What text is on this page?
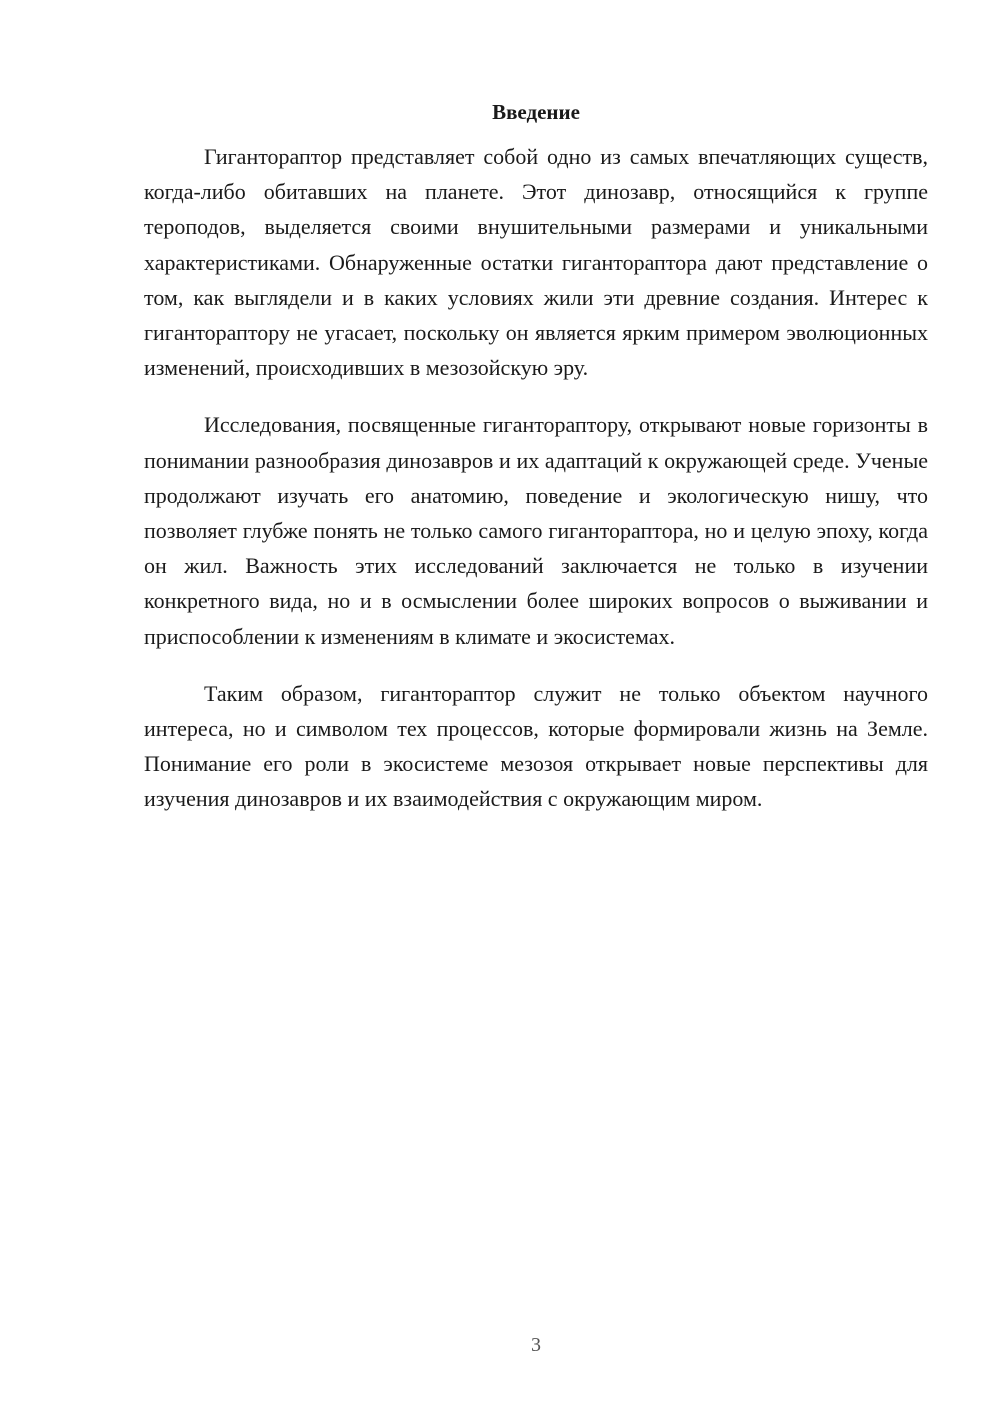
Введение

Гигантораптор представляет собой одно из самых впечатляющих существ, когда-либо обитавших на планете. Этот динозавр, относящийся к группе тероподов, выделяется своими внушительными размерами и уникальными характеристиками. Обнаруженные остатки гигантораптора дают представление о том, как выглядели и в каких условиях жили эти древние создания. Интерес к гигантораптору не угасает, поскольку он является ярким примером эволюционных изменений, происходивших в мезозойскую эру.

Исследования, посвященные гигантораптору, открывают новые горизонты в понимании разнообразия динозавров и их адаптаций к окружающей среде. Ученые продолжают изучать его анатомию, поведение и экологическую нишу, что позволяет глубже понять не только самого гигантораптора, но и целую эпоху, когда он жил. Важность этих исследований заключается не только в изучении конкретного вида, но и в осмыслении более широких вопросов о выживании и приспособлении к изменениям в климате и экосистемах.

Таким образом, гигантораптор служит не только объектом научного интереса, но и символом тех процессов, которые формировали жизнь на Земле. Понимание его роли в экосистеме мезозоя открывает новые перспективы для изучения динозавров и их взаимодействия с окружающим миром.

3
